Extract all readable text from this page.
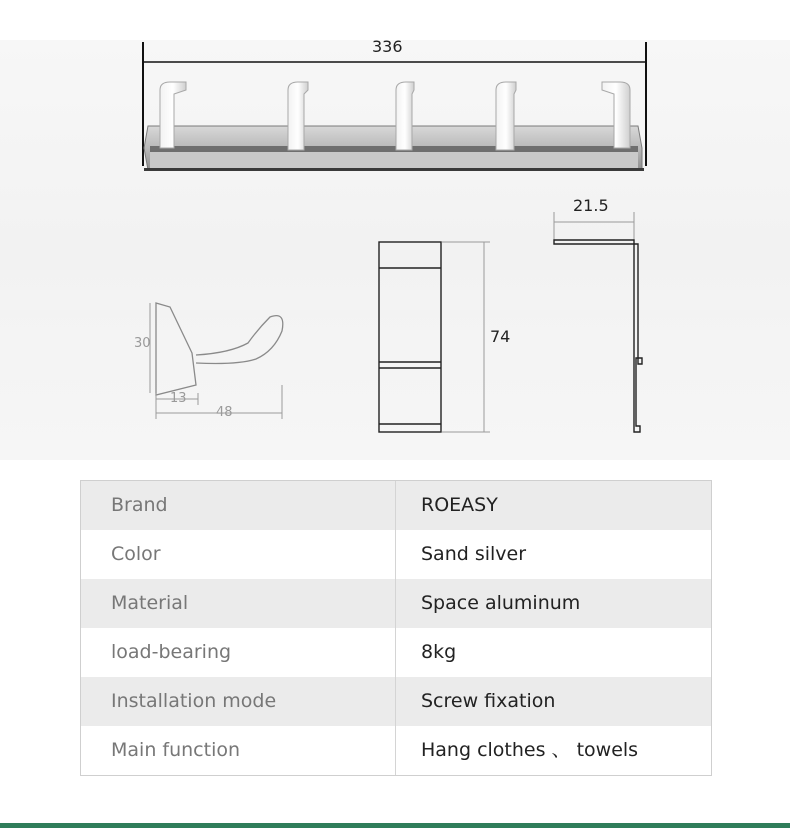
336
30
13
48
74
21.5
Brand	ROEASY
Color	Sand silver
Material	Space aluminum
load-bearing	8kg
Installation mode	Screw fixation
Main function	Hang clothes 、 towels
